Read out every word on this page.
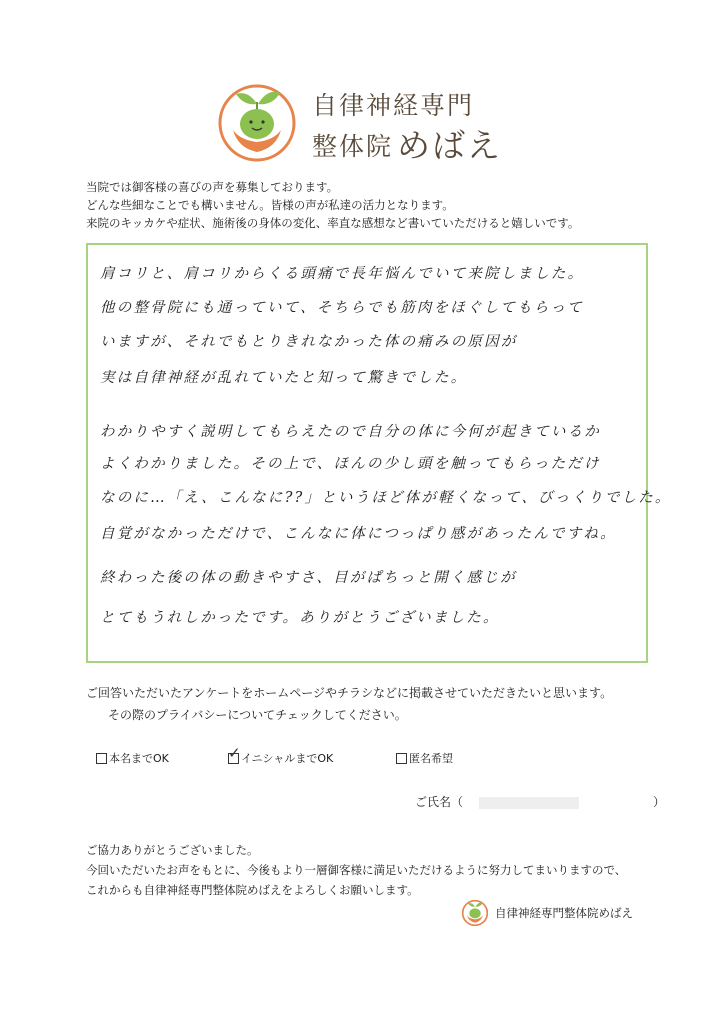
自律神経専門
整体院 めばえ
当院では御客様の喜びの声を募集しております。
どんな些細なことでも構いません。皆様の声が私達の活力となります。
来院のキッカケや症状、施術後の身体の変化、率直な感想など書いていただけると嬉しいです。
肩コリと、肩コリからくる頭痛で長年悩んでいて来院しました。
他の整骨院にも通っていて、そちらでも筋肉をほぐしてもらって
いますが、それでもとりきれなかった体の痛みの原因が
実は自律神経が乱れていたと知って驚きでした。
わかりやすく説明してもらえたので自分の体に今何が起きているか
よくわかりました。その上で、ほんの少し頭を触ってもらっただけ
なのに…「え、こんなに??」というほど体が軽くなって、びっくりでした。
自覚がなかっただけで、こんなに体につっぱり感があったんですね。
終わった後の体の動きやすさ、目がぱちっと開く感じが
とてもうれしかったです。ありがとうございました。
ご回答いただいたアンケートをホームページやチラシなどに掲載させていただきたいと思います。
その際のプライバシーについてチェックしてください。
本名までOK	✓ イニシャルまでOK	匿名希望
ご氏名（	）
ご協力ありがとうございました。
今回いただいたお声をもとに、今後もより一層御客様に満足いただけるように努力してまいりますので、
これからも自律神経専門整体院めばえをよろしくお願いします。
自律神経専門整体院めばえ
